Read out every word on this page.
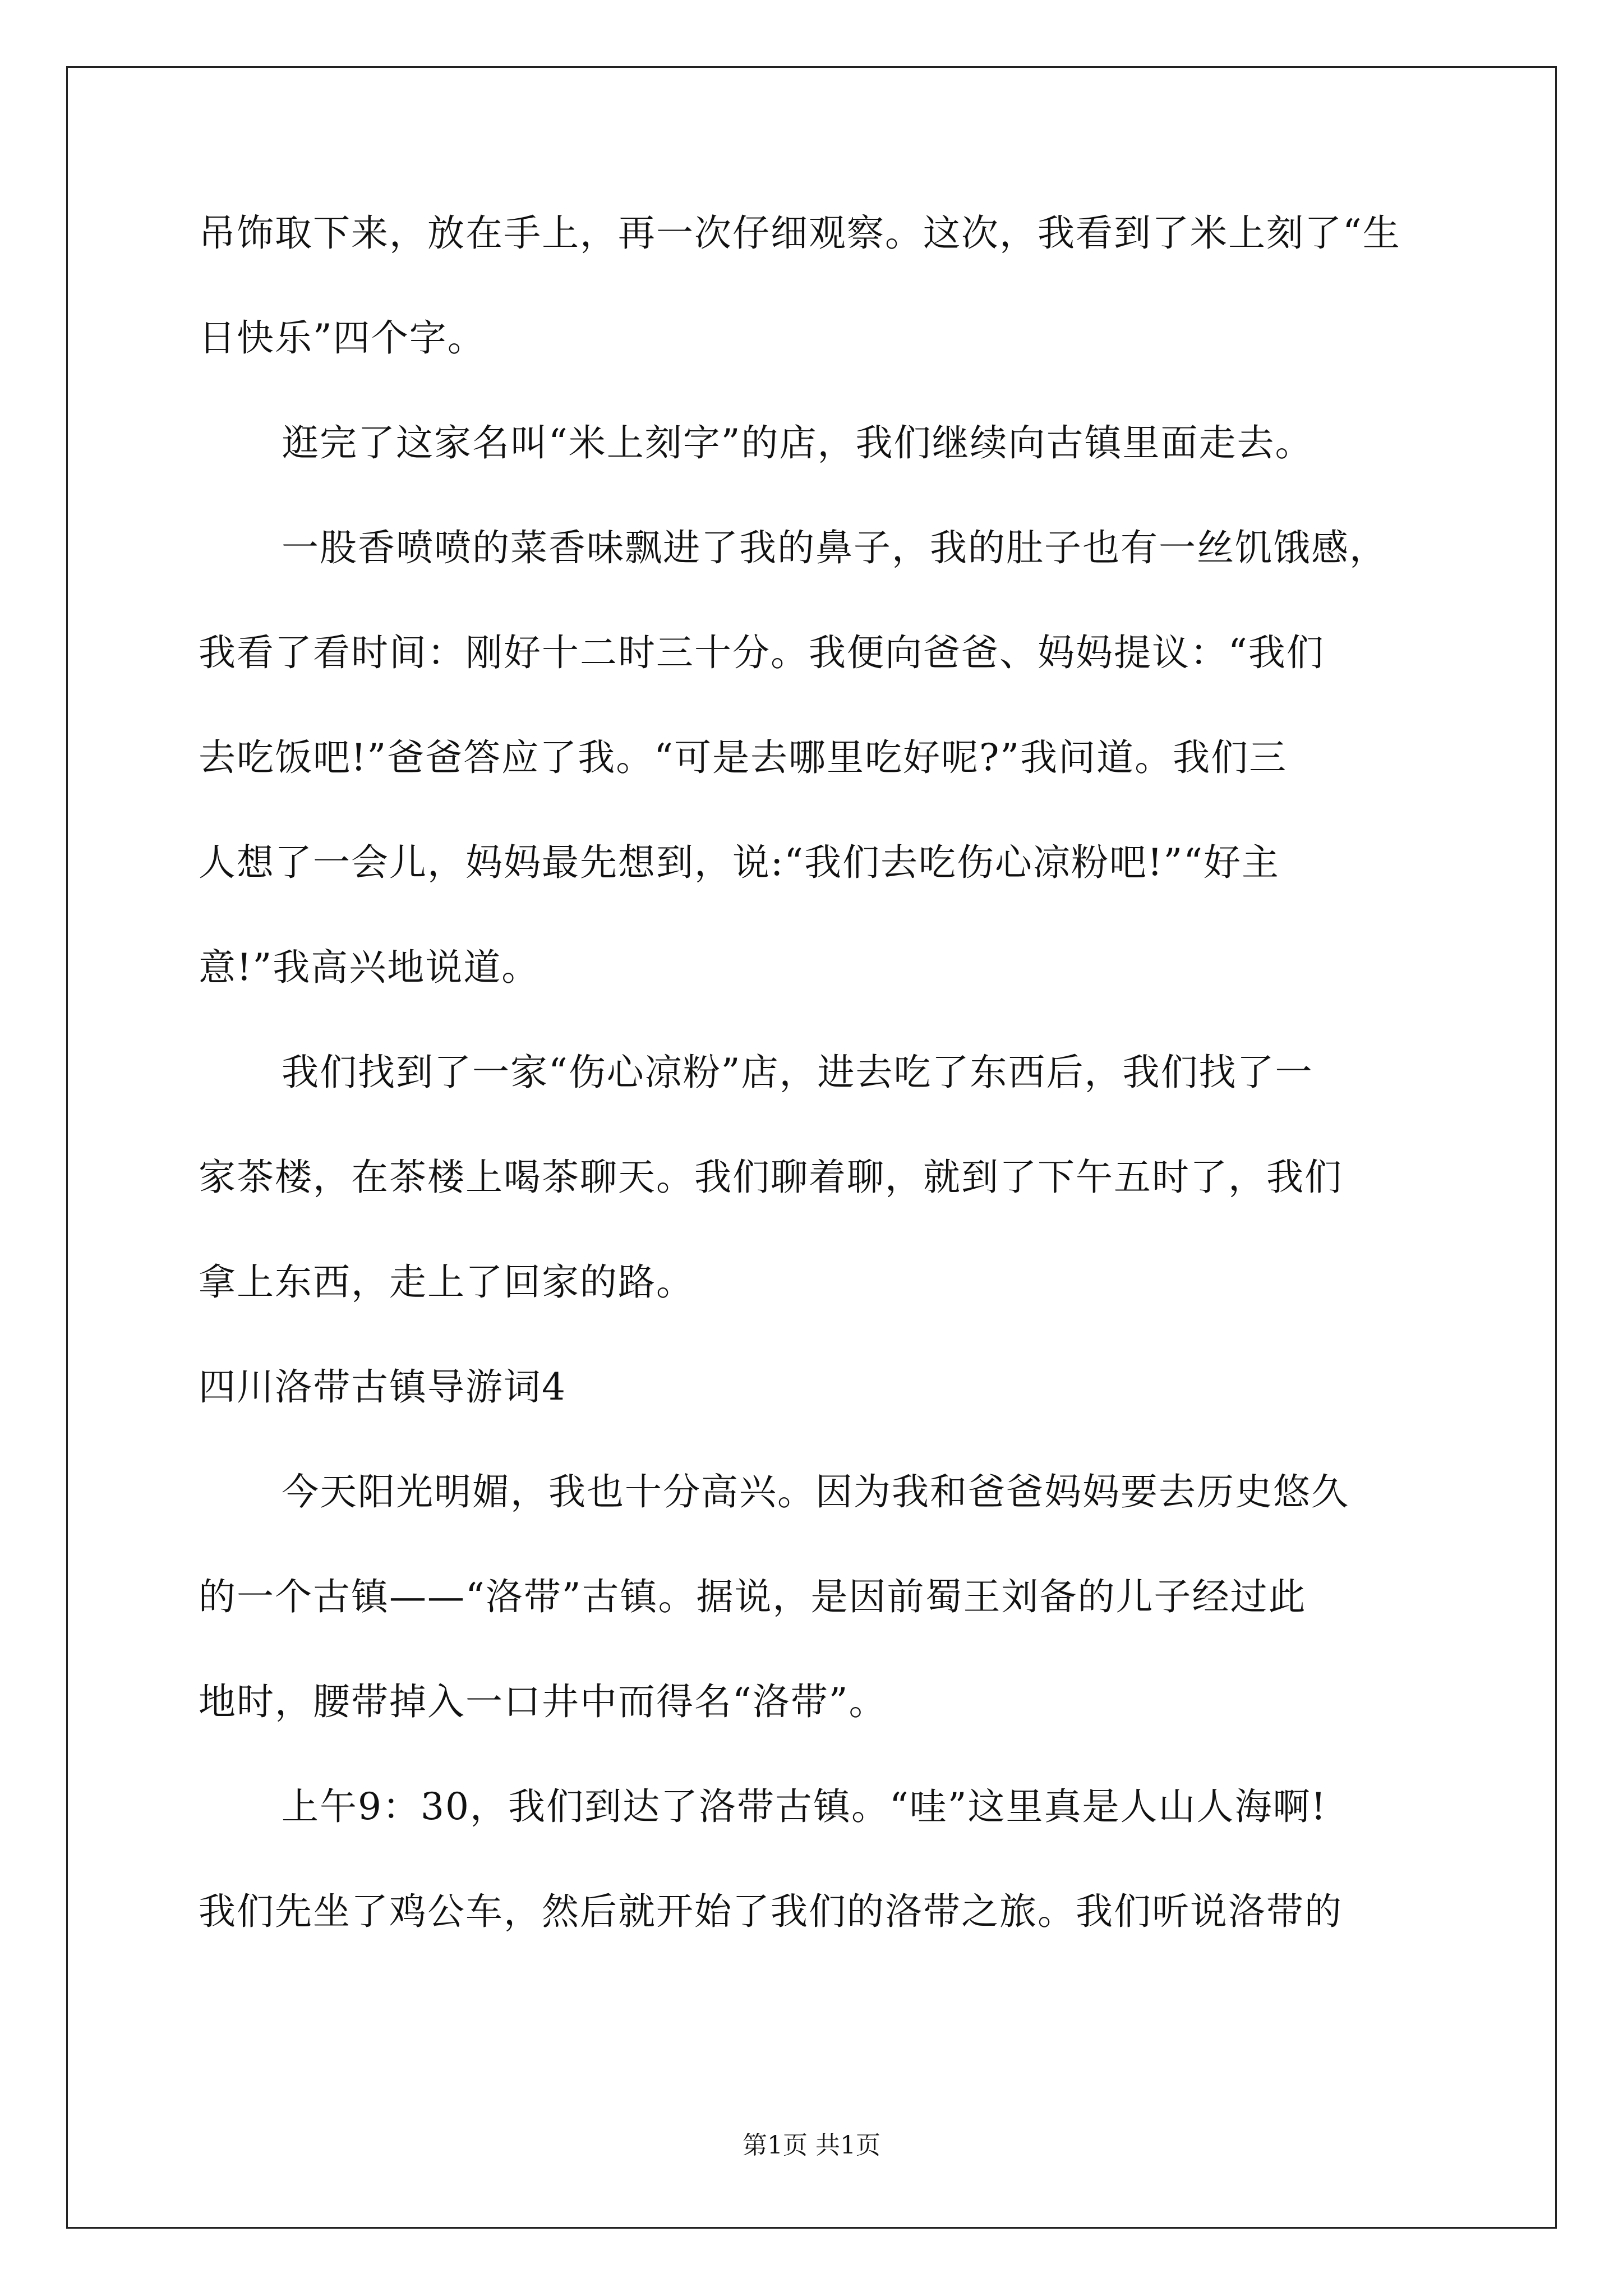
吊饰取下来，放在手上，再一次仔细观察。这次，我看到了米上刻了“生
日快乐”四个字。
逛完了这家名叫“米上刻字”的店，我们继续向古镇里面走去。
一股香喷喷的菜香味飘进了我的鼻子，我的肚子也有一丝饥饿感，
我看了看时间：刚好十二时三十分。我便向爸爸、妈妈提议：“我们
去吃饭吧!”爸爸答应了我。“可是去哪里吃好呢?”我问道。我们三
人想了一会儿，妈妈最先想到，说:“我们去吃伤心凉粉吧!”“好主
意!”我高兴地说道。
我们找到了一家“伤心凉粉”店，进去吃了东西后，我们找了一
家茶楼，在茶楼上喝茶聊天。我们聊着聊，就到了下午五时了，我们
拿上东西，走上了回家的路。
四川洛带古镇导游词4
今天阳光明媚，我也十分高兴。因为我和爸爸妈妈要去历史悠久
的一个古镇——“洛带”古镇。据说，是因前蜀王刘备的儿子经过此
地时，腰带掉入一口井中而得名“洛带”。
上午9：30，我们到达了洛带古镇。“哇”这里真是人山人海啊!
我们先坐了鸡公车，然后就开始了我们的洛带之旅。我们听说洛带的
第1页 共1页
